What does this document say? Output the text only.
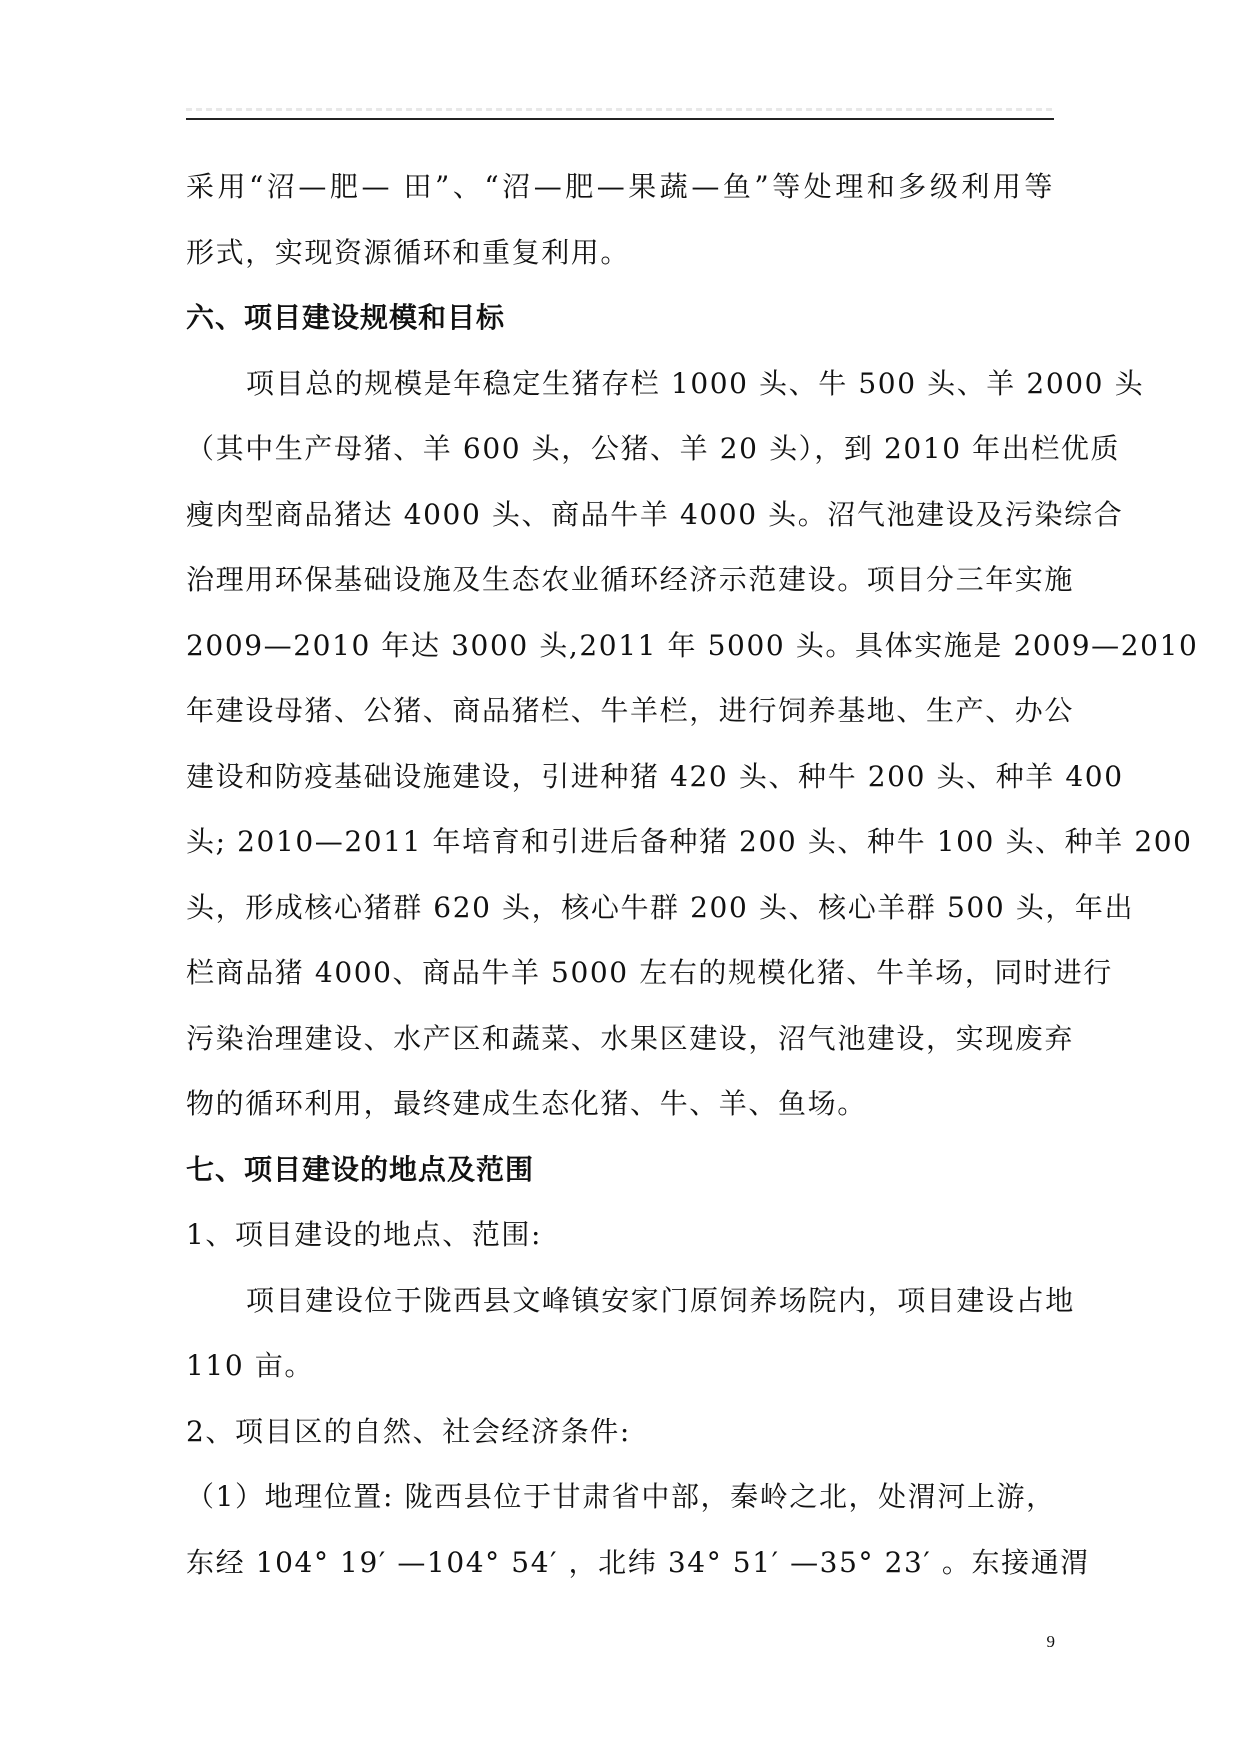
采用“沼—肥— 田”、“沼—肥—果蔬—鱼”等处理和多级利用等
形式，实现资源循环和重复利用。
六、项目建设规模和目标
项目总的规模是年稳定生猪存栏 1000 头、牛 500 头、羊 2000 头
（其中生产母猪、羊 600 头，公猪、羊 20 头），到 2010 年出栏优质
瘦肉型商品猪达 4000 头、商品牛羊 4000 头。沼气池建设及污染综合
治理用环保基础设施及生态农业循环经济示范建设。项目分三年实施
2009—2010 年达 3000 头,2011 年 5000 头。具体实施是 2009—2010
年建设母猪、公猪、商品猪栏、牛羊栏，进行饲养基地、生产、办公
建设和防疫基础设施建设，引进种猪 420 头、种牛 200 头、种羊 400
头; 2010—2011 年培育和引进后备种猪 200 头、种牛 100 头、种羊 200
头，形成核心猪群 620 头，核心牛群 200 头、核心羊群 500 头，年出
栏商品猪 4000、商品牛羊 5000 左右的规模化猪、牛羊场，同时进行
污染治理建设、水产区和蔬菜、水果区建设，沼气池建设，实现废弃
物的循环利用，最终建成生态化猪、牛、羊、鱼场。
七、项目建设的地点及范围
1、项目建设的地点、范围:
项目建设位于陇西县文峰镇安家门原饲养场院内，项目建设占地
110 亩。
2、项目区的自然、社会经济条件:
（1）地理位置: 陇西县位于甘肃省中部，秦岭之北，处渭河上游，
东经 104° 19′ —104° 54′ ，北纬 34° 51′ —35° 23′ 。东接通渭
9
